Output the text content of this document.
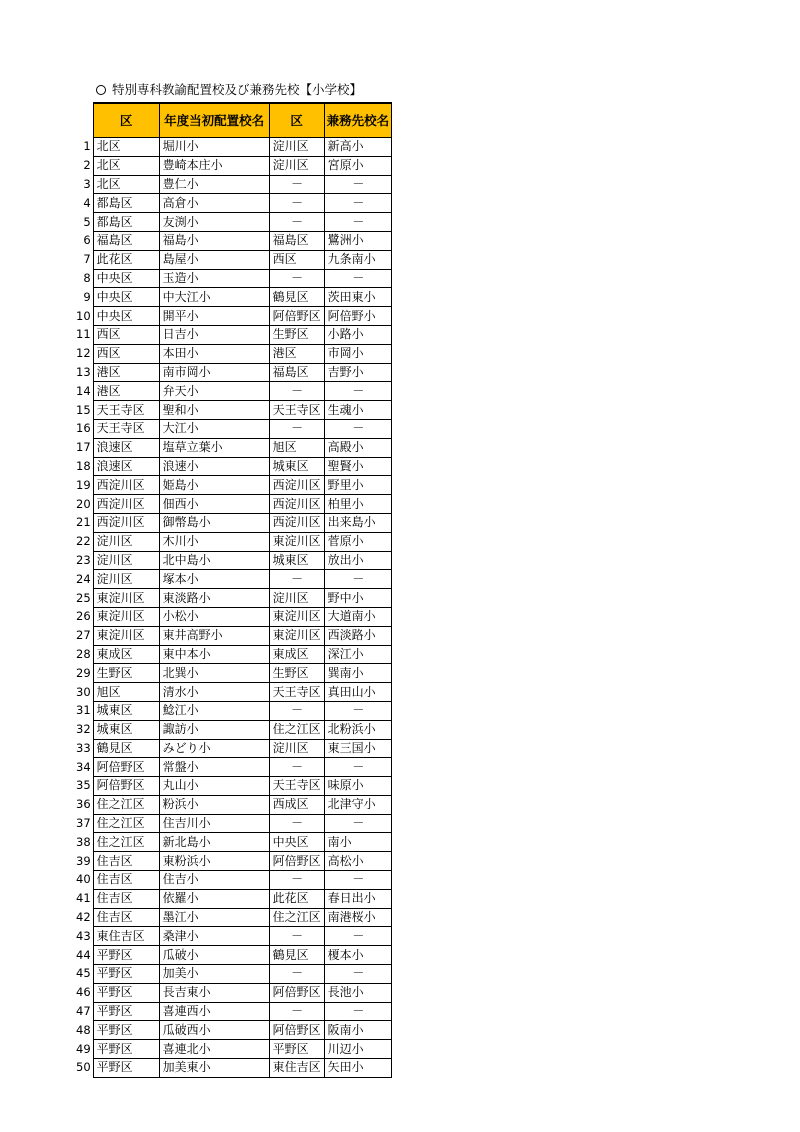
特別専科教諭配置校及び兼務先校【小学校】
	区	年度当初配置校名	区	兼務先校名
1	北区	堀川小	淀川区	新高小
2	北区	豊崎本庄小	淀川区	宮原小
3	北区	豊仁小	－	－
4	都島区	高倉小	－	－
5	都島区	友渕小	－	－
6	福島区	福島小	福島区	鷺洲小
7	此花区	島屋小	西区	九条南小
8	中央区	玉造小	－	－
9	中央区	中大江小	鶴見区	茨田東小
10	中央区	開平小	阿倍野区	阿倍野小
11	西区	日吉小	生野区	小路小
12	西区	本田小	港区	市岡小
13	港区	南市岡小	福島区	吉野小
14	港区	弁天小	－	－
15	天王寺区	聖和小	天王寺区	生魂小
16	天王寺区	大江小	－	－
17	浪速区	塩草立葉小	旭区	高殿小
18	浪速区	浪速小	城東区	聖賢小
19	西淀川区	姫島小	西淀川区	野里小
20	西淀川区	佃西小	西淀川区	柏里小
21	西淀川区	御幣島小	西淀川区	出来島小
22	淀川区	木川小	東淀川区	菅原小
23	淀川区	北中島小	城東区	放出小
24	淀川区	塚本小	－	－
25	東淀川区	東淡路小	淀川区	野中小
26	東淀川区	小松小	東淀川区	大道南小
27	東淀川区	東井高野小	東淀川区	西淡路小
28	東成区	東中本小	東成区	深江小
29	生野区	北巽小	生野区	巽南小
30	旭区	清水小	天王寺区	真田山小
31	城東区	鯰江小	－	－
32	城東区	諏訪小	住之江区	北粉浜小
33	鶴見区	みどり小	淀川区	東三国小
34	阿倍野区	常盤小	－	－
35	阿倍野区	丸山小	天王寺区	味原小
36	住之江区	粉浜小	西成区	北津守小
37	住之江区	住吉川小	－	－
38	住之江区	新北島小	中央区	南小
39	住吉区	東粉浜小	阿倍野区	高松小
40	住吉区	住吉小	－	－
41	住吉区	依羅小	此花区	春日出小
42	住吉区	墨江小	住之江区	南港桜小
43	東住吉区	桑津小	－	－
44	平野区	瓜破小	鶴見区	榎本小
45	平野区	加美小	－	－
46	平野区	長吉東小	阿倍野区	長池小
47	平野区	喜連西小	－	－
48	平野区	瓜破西小	阿倍野区	阪南小
49	平野区	喜連北小	平野区	川辺小
50	平野区	加美東小	東住吉区	矢田小
